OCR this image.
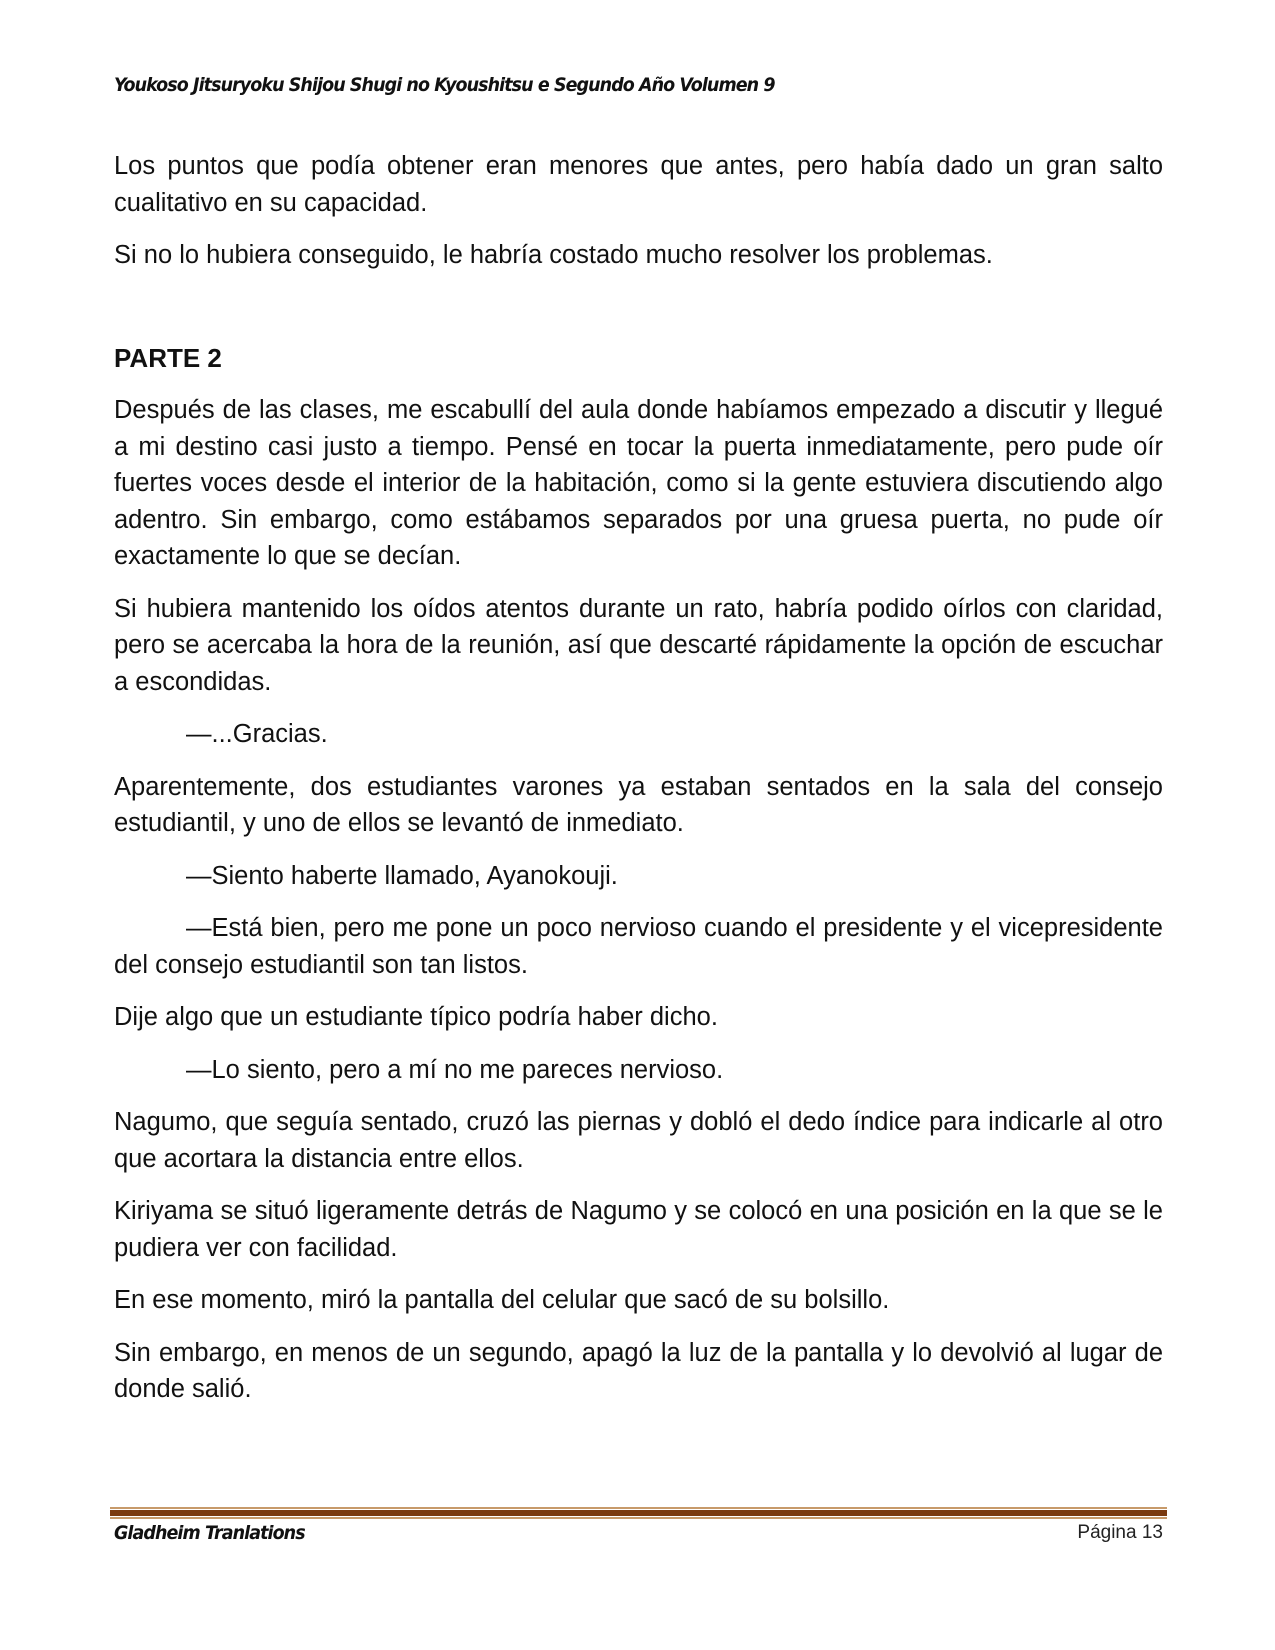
Youkoso Jitsuryoku Shijou Shugi no Kyoushitsu e Segundo Año Volumen 9

Los puntos que podía obtener eran menores que antes, pero había dado un gran salto cualitativo en su capacidad.

Si no lo hubiera conseguido, le habría costado mucho resolver los problemas.

PARTE 2

Después de las clases, me escabullí del aula donde habíamos empezado a discutir y llegué a mi destino casi justo a tiempo. Pensé en tocar la puerta inmediatamente, pero pude oír fuertes voces desde el interior de la habitación, como si la gente estuviera discutiendo algo adentro. Sin embargo, como estábamos separados por una gruesa puerta, no pude oír exactamente lo que se decían.

Si hubiera mantenido los oídos atentos durante un rato, habría podido oírlos con claridad, pero se acercaba la hora de la reunión, así que descarté rápidamente la opción de escuchar a escondidas.

—...Gracias.

Aparentemente, dos estudiantes varones ya estaban sentados en la sala del consejo estudiantil, y uno de ellos se levantó de inmediato.

—Siento haberte llamado, Ayanokouji.

—Está bien, pero me pone un poco nervioso cuando el presidente y el vicepresidente del consejo estudiantil son tan listos.

Dije algo que un estudiante típico podría haber dicho.

—Lo siento, pero a mí no me pareces nervioso.

Nagumo, que seguía sentado, cruzó las piernas y dobló el dedo índice para indicarle al otro que acortara la distancia entre ellos.

Kiriyama se situó ligeramente detrás de Nagumo y se colocó en una posición en la que se le pudiera ver con facilidad.

En ese momento, miró la pantalla del celular que sacó de su bolsillo.

Sin embargo, en menos de un segundo, apagó la luz de la pantalla y lo devolvió al lugar de donde salió.

Gladheim Tranlations	Página 13
